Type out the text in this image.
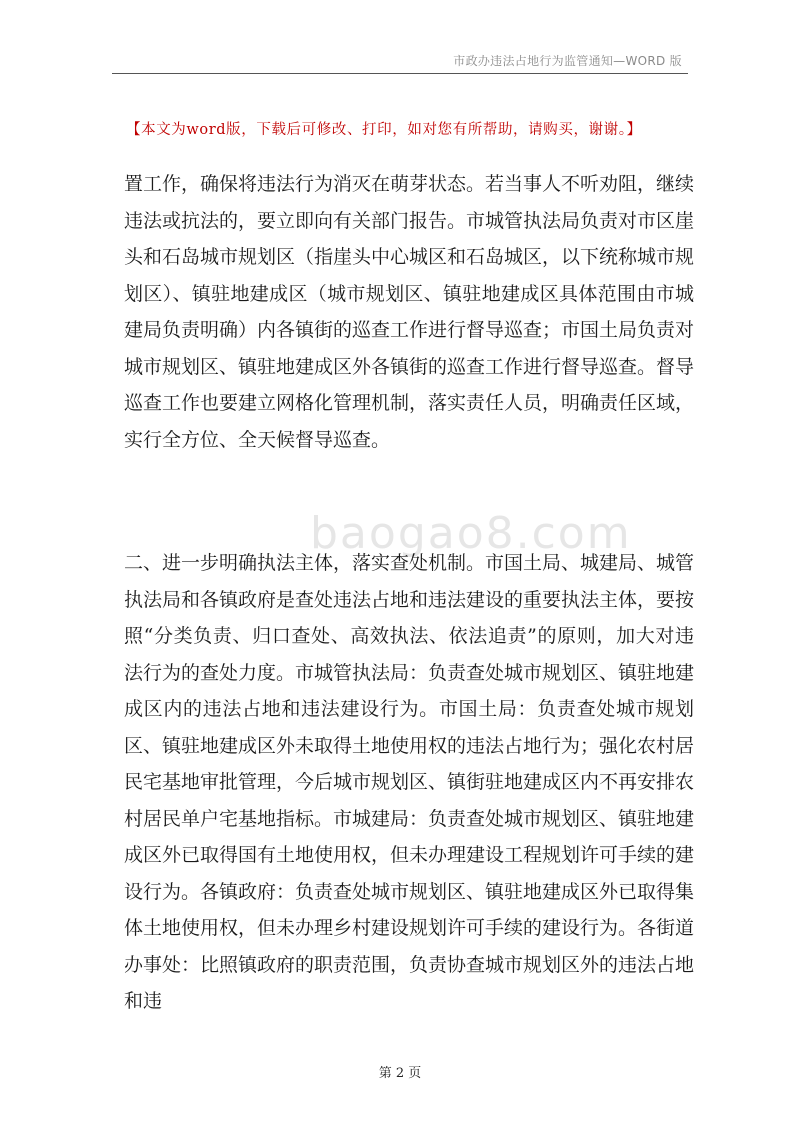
市政办违法占地行为监管通知—WORD 版
【本文为word版，下载后可修改、打印，如对您有所帮助，请购买，谢谢。】
baogao8.com

置工作，确保将违法行为消灭在萌芽状态。若当事人不听劝阻，继续违法或抗法的，要立即向有关部门报告。市城管执法局负责对市区崖头和石岛城市规划区（指崖头中心城区和石岛城区，以下统称城市规划区）、镇驻地建成区（城市规划区、镇驻地建成区具体范围由市城建局负责明确）内各镇街的巡查工作进行督导巡查；市国土局负责对城市规划区、镇驻地建成区外各镇街的巡查工作进行督导巡查。督导巡查工作也要建立网格化管理机制，落实责任人员，明确责任区域，实行全方位、全天候督导巡查。

二、进一步明确执法主体，落实查处机制。市国土局、城建局、城管执法局和各镇政府是查处违法占地和违法建设的重要执法主体，要按照“分类负责、归口查处、高效执法、依法追责”的原则，加大对违法行为的查处力度。市城管执法局：负责查处城市规划区、镇驻地建成区内的违法占地和违法建设行为。市国土局：负责查处城市规划区、镇驻地建成区外未取得土地使用权的违法占地行为；强化农村居民宅基地审批管理，今后城市规划区、镇街驻地建成区内不再安排农村居民单户宅基地指标。市城建局：负责查处城市规划区、镇驻地建成区外已取得国有土地使用权，但未办理建设工程规划许可手续的建设行为。各镇政府：负责查处城市规划区、镇驻地建成区外已取得集体土地使用权，但未办理乡村建设规划许可手续的建设行为。各街道办事处：比照镇政府的职责范围，负责协查城市规划区外的违法占地和违

第 2 页
